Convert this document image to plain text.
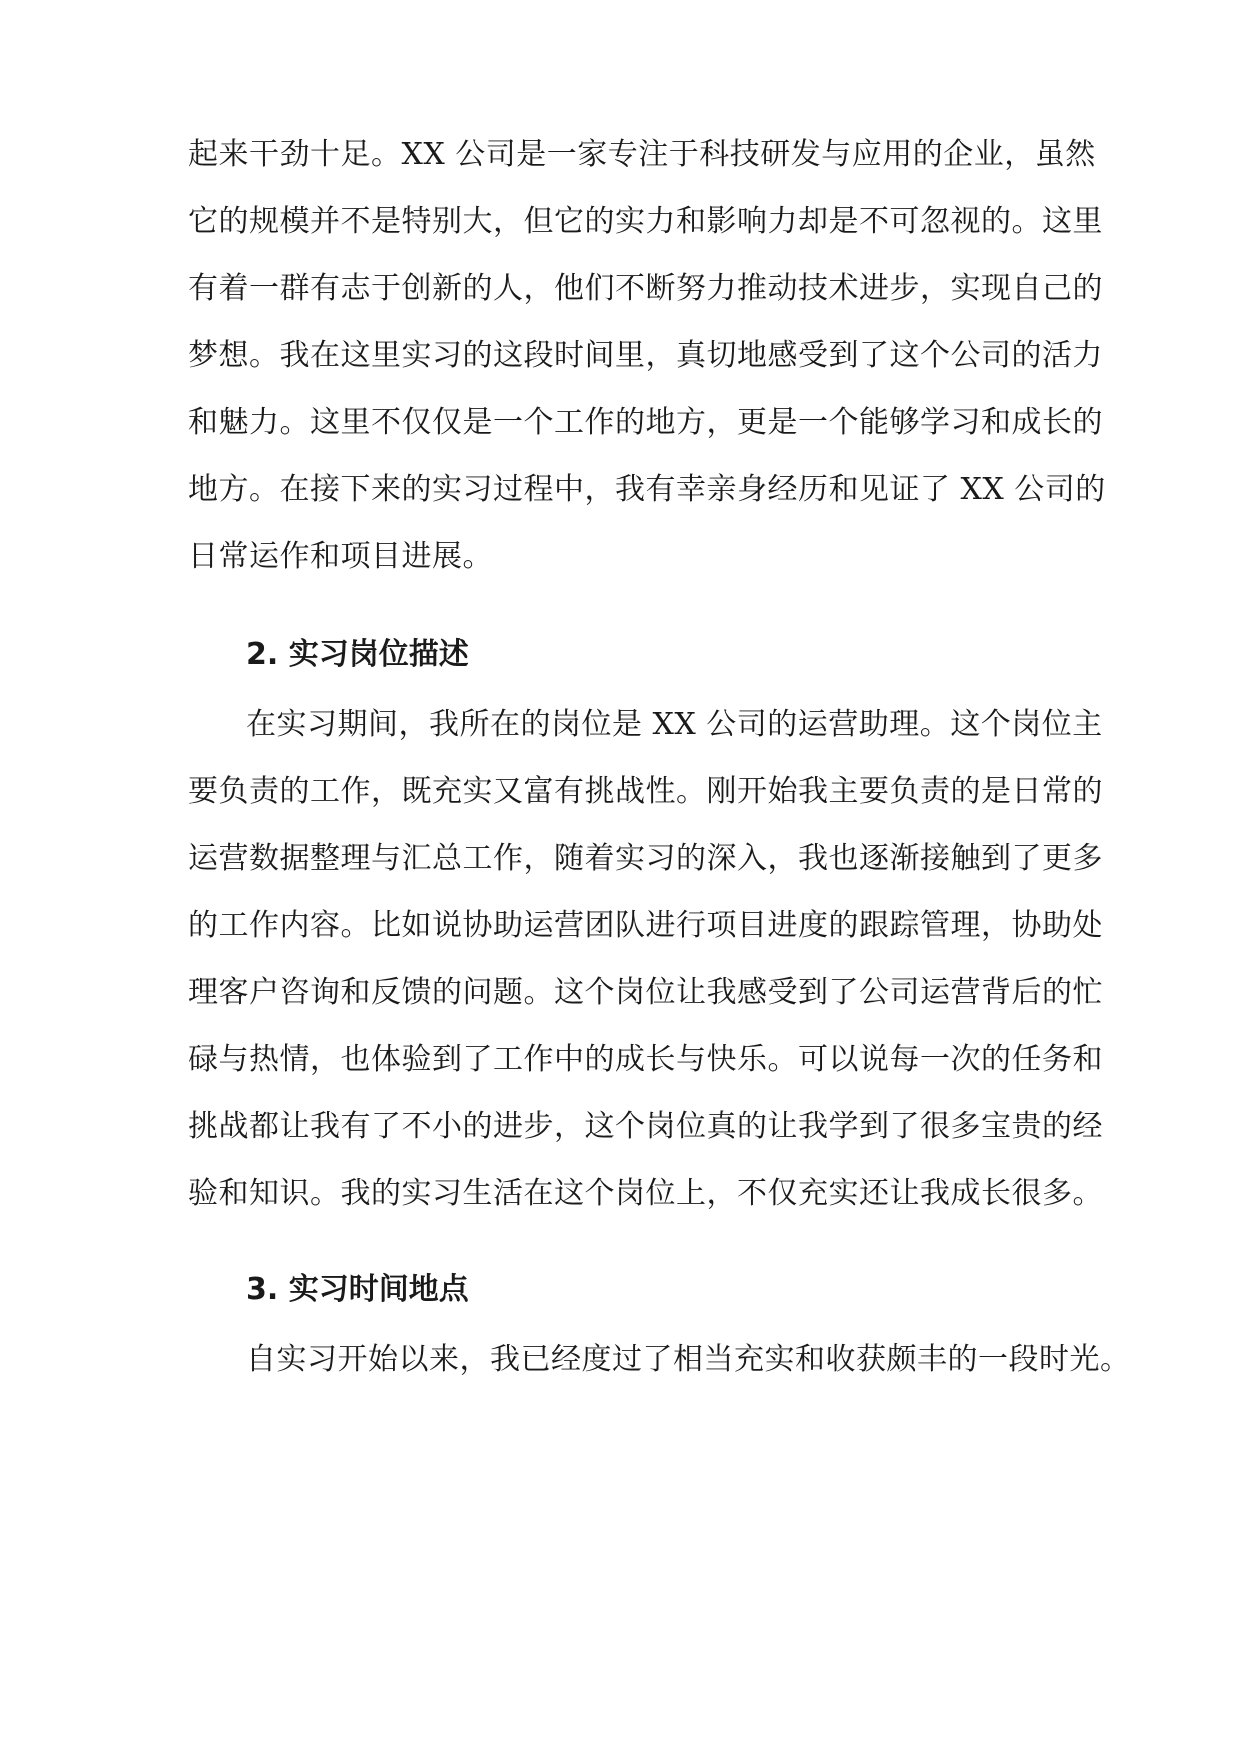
起来干劲十足。XX 公司是一家专注于科技研发与应用的企业，虽然
它的规模并不是特别大，但它的实力和影响力却是不可忽视的。这里
有着一群有志于创新的人，他们不断努力推动技术进步，实现自己的
梦想。我在这里实习的这段时间里，真切地感受到了这个公司的活力
和魅力。这里不仅仅是一个工作的地方，更是一个能够学习和成长的
地方。在接下来的实习过程中，我有幸亲身经历和见证了 XX 公司的
日常运作和项目进展。
2. 实习岗位描述
在实习期间，我所在的岗位是 XX 公司的运营助理。这个岗位主
要负责的工作，既充实又富有挑战性。刚开始我主要负责的是日常的
运营数据整理与汇总工作，随着实习的深入，我也逐渐接触到了更多
的工作内容。比如说协助运营团队进行项目进度的跟踪管理，协助处
理客户咨询和反馈的问题。这个岗位让我感受到了公司运营背后的忙
碌与热情，也体验到了工作中的成长与快乐。可以说每一次的任务和
挑战都让我有了不小的进步，这个岗位真的让我学到了很多宝贵的经
验和知识。我的实习生活在这个岗位上，不仅充实还让我成长很多。
3. 实习时间地点
自实习开始以来，我已经度过了相当充实和收获颇丰的一段时光。
